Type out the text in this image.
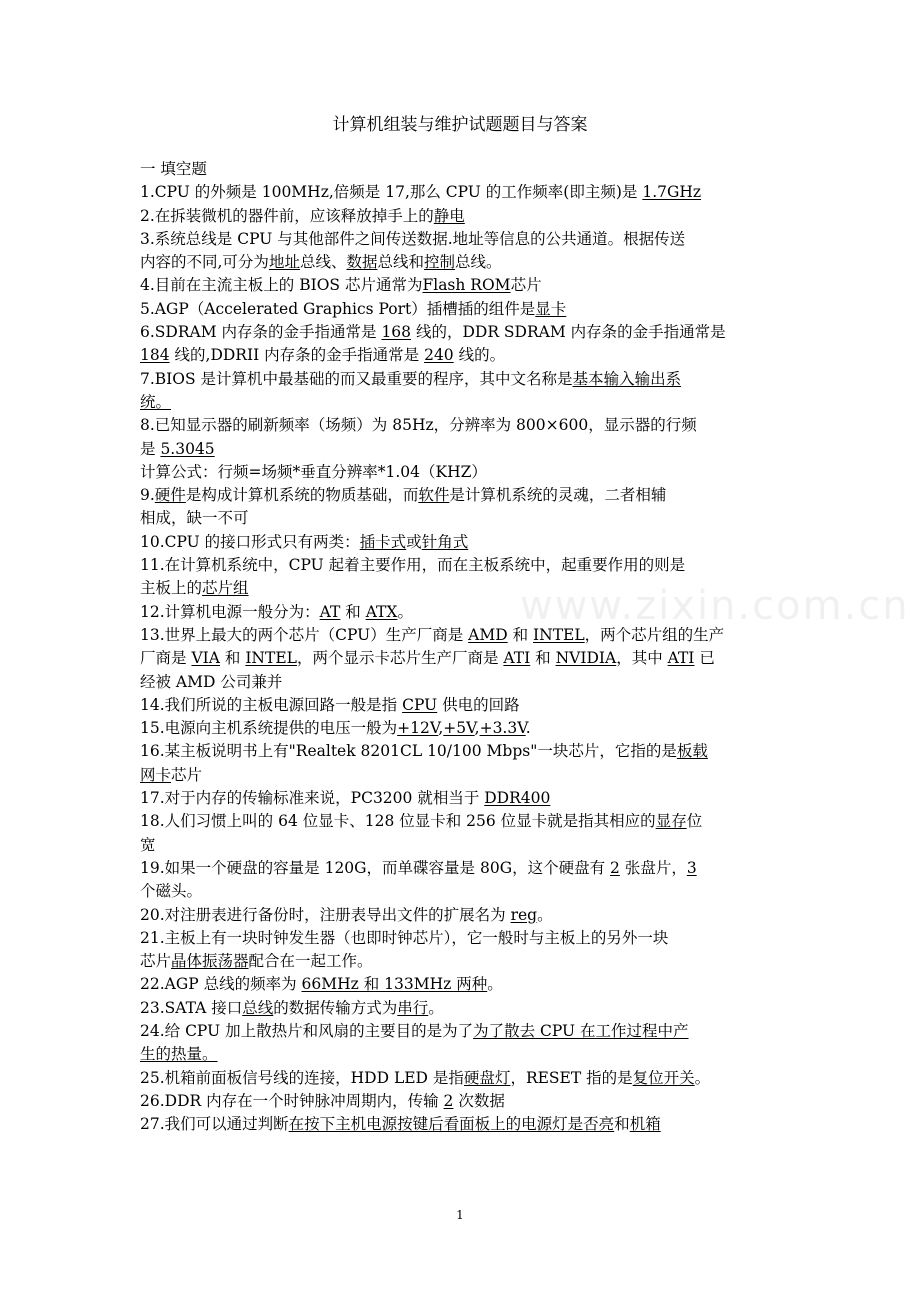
计算机组装与维护试题题目与答案
一 填空题
1.CPU 的外频是 100MHz,倍频是 17,那么 CPU 的工作频率(即主频)是 1.7GHz
2.在拆装微机的器件前，应该释放掉手上的静电
3.系统总线是 CPU 与其他部件之间传送数据.地址等信息的公共通道。根据传送
内容的不同,可分为地址总线、数据总线和控制总线。
4.目前在主流主板上的 BIOS 芯片通常为Flash ROM芯片
5.AGP（Accelerated Graphics Port）插槽插的组件是显卡
6.SDRAM 内存条的金手指通常是 168 线的，DDR SDRAM 内存条的金手指通常是
184 线的,DDRII 内存条的金手指通常是 240 线的。
7.BIOS 是计算机中最基础的而又最重要的程序，其中文名称是基本输入输出系
统。
8.已知显示器的刷新频率（场频）为 85Hz，分辨率为 800×600，显示器的行频
是 5.3045
计算公式：行频=场频*垂直分辨率*1.04（KHZ）
9.硬件是构成计算机系统的物质基础，而软件是计算机系统的灵魂，二者相辅
相成，缺一不可
10.CPU 的接口形式只有两类：插卡式或针角式
11.在计算机系统中，CPU 起着主要作用，而在主板系统中，起重要作用的则是
主板上的芯片组
12.计算机电源一般分为：AT 和 ATX。
13.世界上最大的两个芯片（CPU）生产厂商是 AMD 和 INTEL，两个芯片组的生产
厂商是 VIA 和 INTEL，两个显示卡芯片生产厂商是 ATI 和 NVIDIA，其中 ATI 已
经被 AMD 公司兼并
14.我们所说的主板电源回路一般是指 CPU 供电的回路
15.电源向主机系统提供的电压一般为+12V,+5V,+3.3V.
16.某主板说明书上有"Realtek 8201CL 10/100 Mbps"一块芯片，它指的是板载
网卡芯片
17.对于内存的传输标准来说，PC3200 就相当于 DDR400
18.人们习惯上叫的 64 位显卡、128 位显卡和 256 位显卡就是指其相应的显存位
宽
19.如果一个硬盘的容量是 120G，而单碟容量是 80G，这个硬盘有 2 张盘片，3
个磁头。
20.对注册表进行备份时，注册表导出文件的扩展名为 reg。
21.主板上有一块时钟发生器（也即时钟芯片），它一般时与主板上的另外一块
芯片晶体振荡器配合在一起工作。
22.AGP 总线的频率为 66MHz 和 133MHz 两种。
23.SATA 接口总线的数据传输方式为串行。
24.给 CPU 加上散热片和风扇的主要目的是为了为了散去 CPU 在工作过程中产
生的热量。
25.机箱前面板信号线的连接，HDD LED 是指硬盘灯，RESET 指的是复位开关。
26.DDR 内存在一个时钟脉冲周期内，传输 2 次数据
27.我们可以通过判断在按下主机电源按键后看面板上的电源灯是否亮和机箱
www.zixin.com.cn
1
